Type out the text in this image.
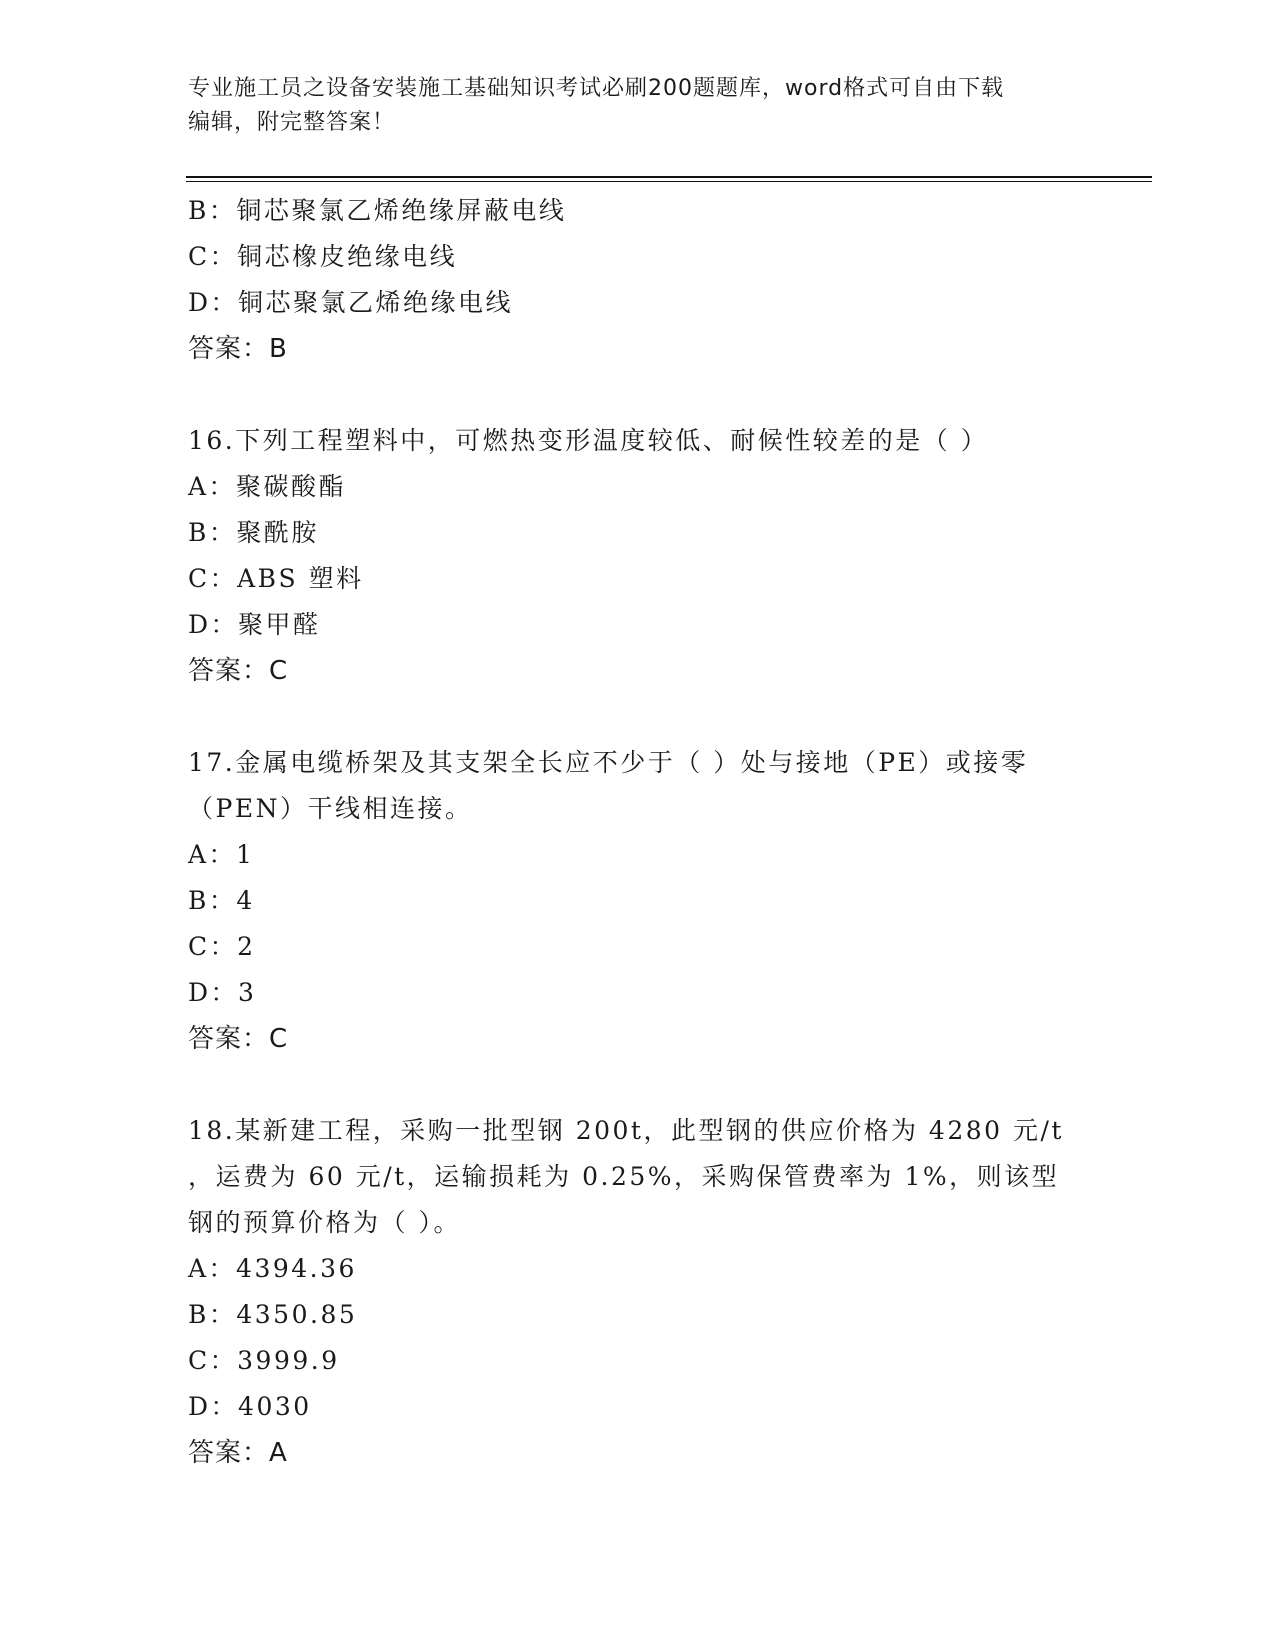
专业施工员之设备安装施工基础知识考试必刷200题题库，word格式可自由下载
编辑，附完整答案！
B：铜芯聚氯乙烯绝缘屏蔽电线
C：铜芯橡皮绝缘电线
D：铜芯聚氯乙烯绝缘电线
答案：B
16.下列工程塑料中，可燃热变形温度较低、耐候性较差的是（ ）
A：聚碳酸酯
B：聚酰胺
C：ABS 塑料
D：聚甲醛
答案：C
17.金属电缆桥架及其支架全长应不少于（ ）处与接地（PE）或接零
（PEN）干线相连接。
A：1
B：4
C：2
D：3
答案：C
18.某新建工程，采购一批型钢 200t，此型钢的供应价格为 4280 元/t
，运费为 60 元/t，运输损耗为 0.25%，采购保管费率为 1%，则该型
钢的预算价格为（ ）。
A：4394.36
B：4350.85
C：3999.9
D：4030
答案：A
